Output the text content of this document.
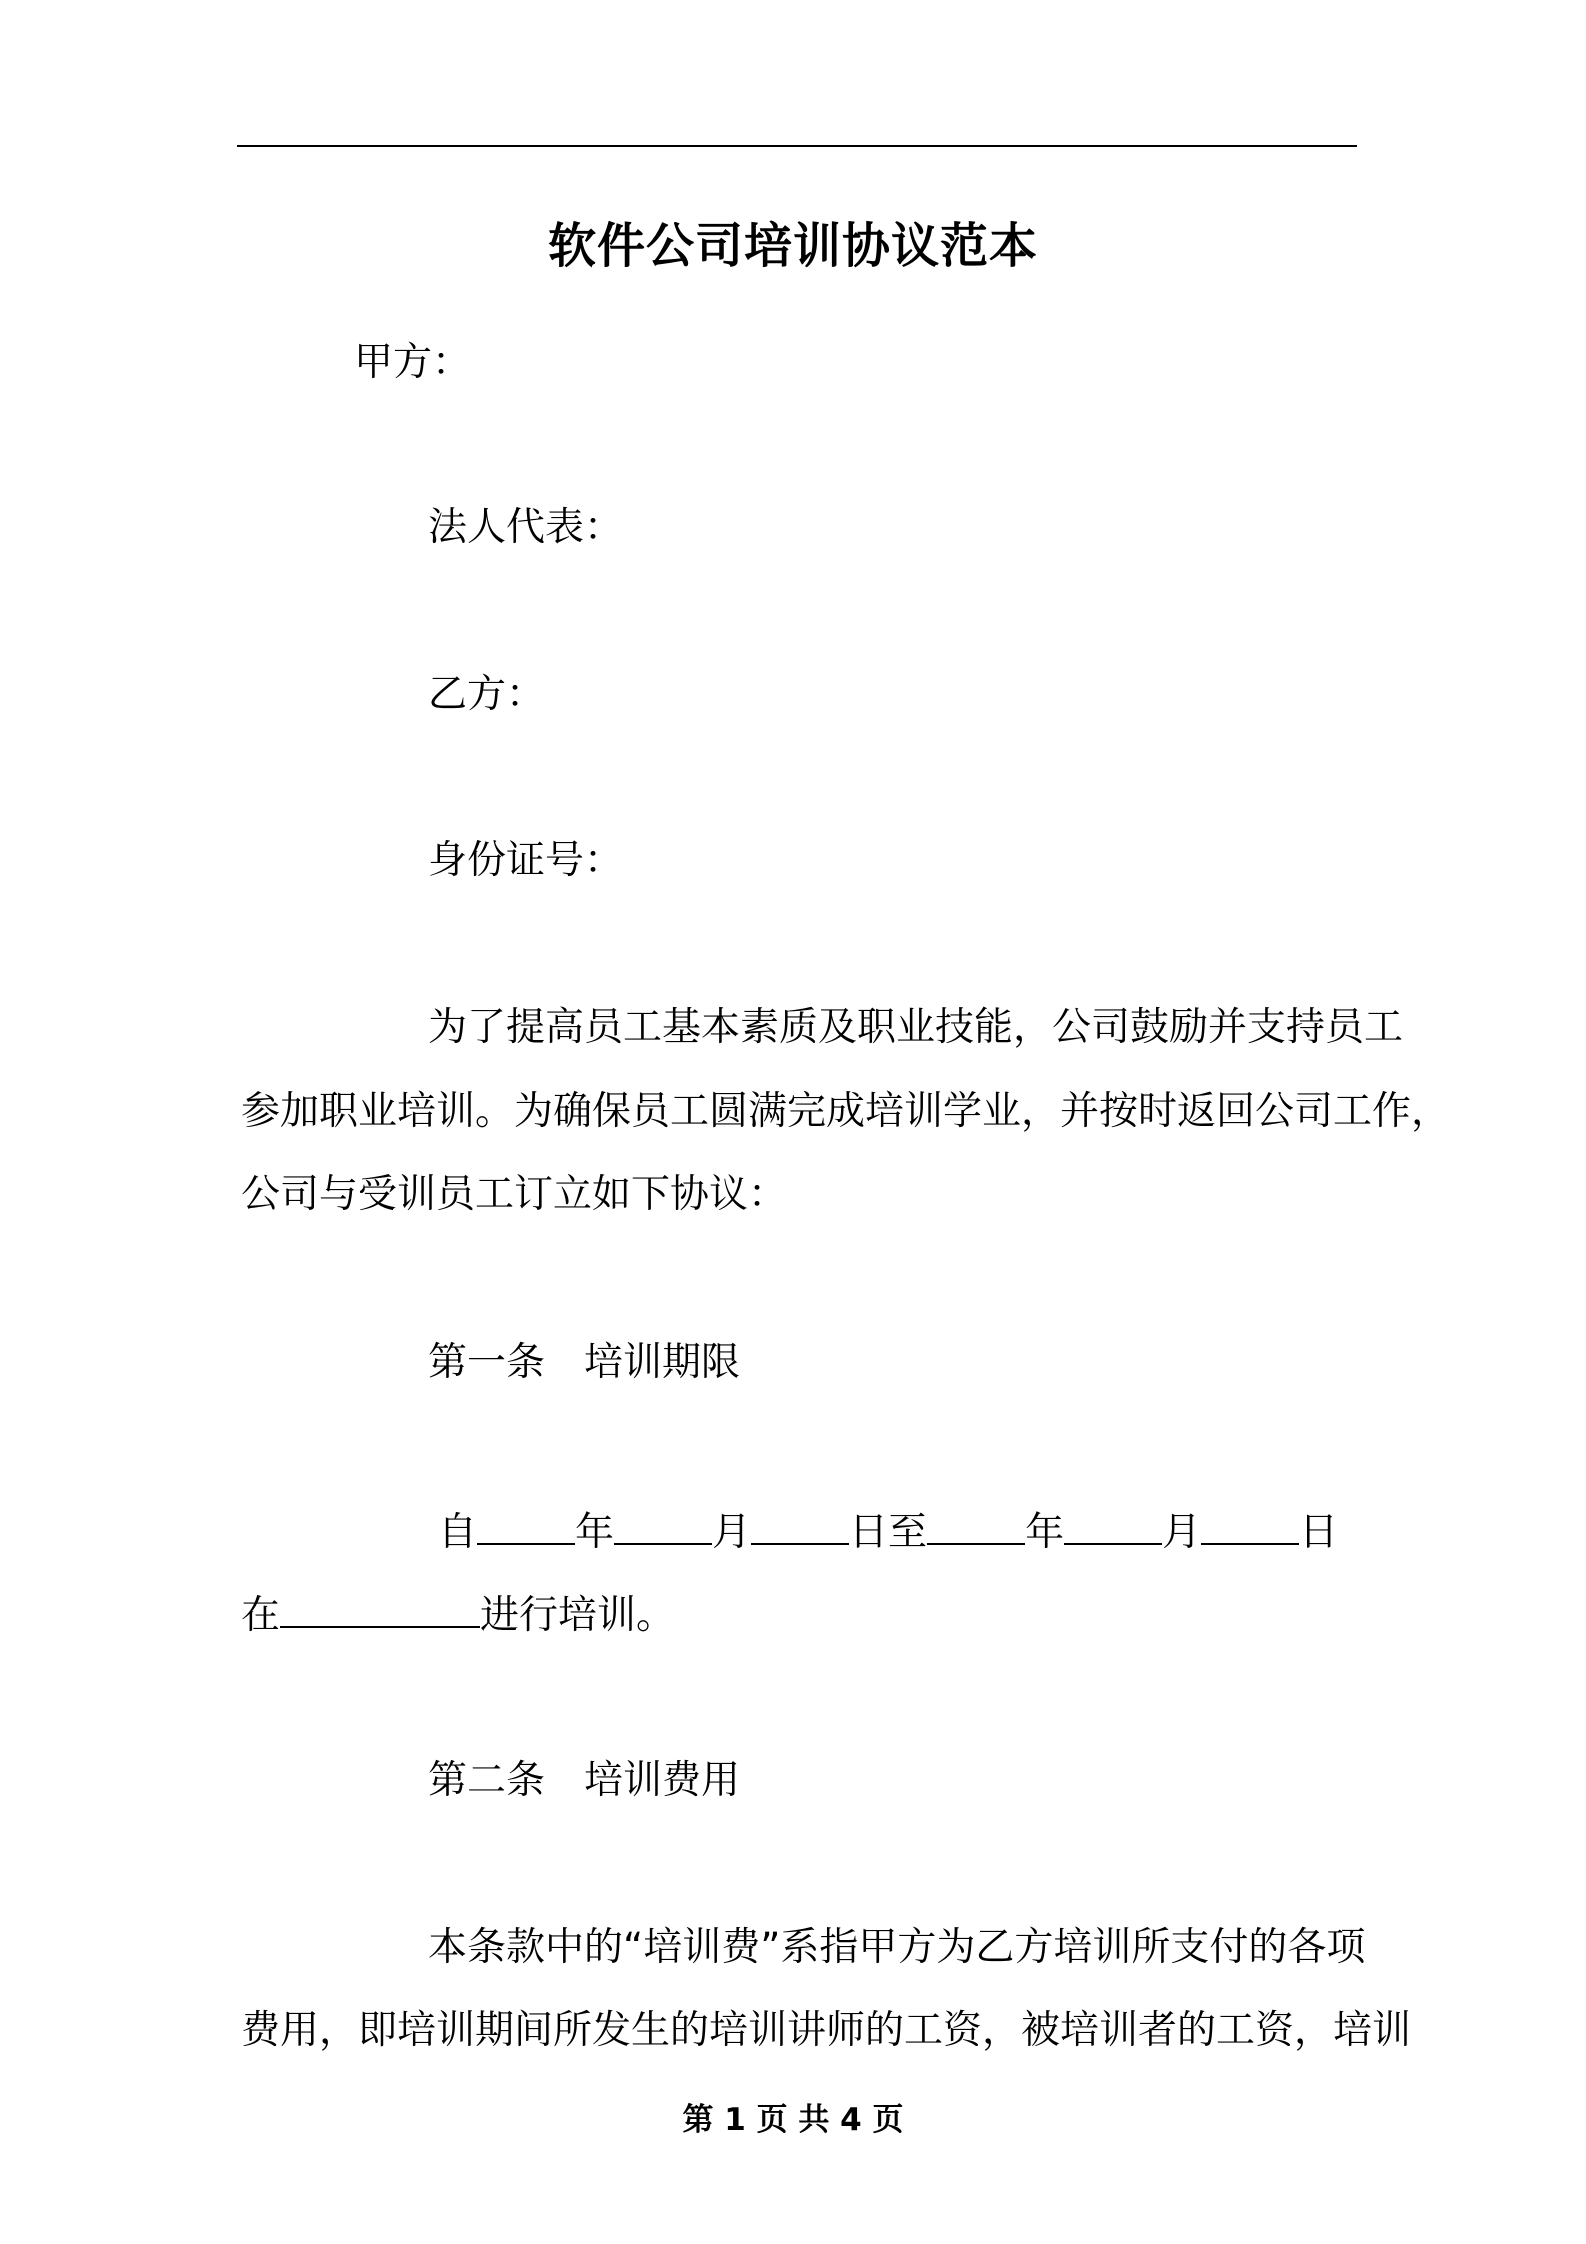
软件公司培训协议范本
甲方：
法人代表：
乙方：
身份证号：
为了提高员工基本素质及职业技能，公司鼓励并支持员工
参加职业培训。为确保员工圆满完成培训学业，并按时返回公司工作，
公司与受训员工订立如下协议：
第一条　培训期限
自	年	月	日至	年	月	日
在	进行培训。
第二条　培训费用
本条款中的“培训费”系指甲方为乙方培训所支付的各项
费用，即培训期间所发生的培训讲师的工资，被培训者的工资，培训
第 1 页 共 4 页
